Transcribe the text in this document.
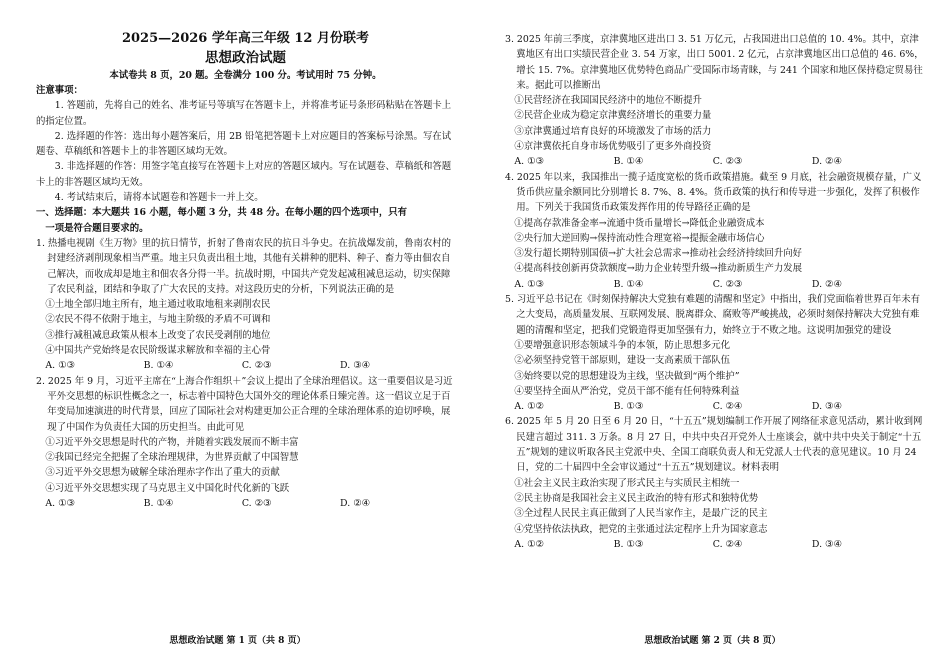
2025—2026 学年高三年级 12 月份联考

思想政治试题

本试卷共 8 页，20 题。全卷满分 100 分。考试用时 75 分钟。

注意事项：

1. 答题前，先将自己的姓名、准考证号等填写在答题卡上，并将准考证号条形码粘贴在答题卡上的指定位置。

2. 选择题的作答：选出每小题答案后，用 2B 铅笔把答题卡上对应题目的答案标号涂黑。写在试题卷、草稿纸和答题卡上的非答题区域均无效。

3. 非选择题的作答：用签字笔直接写在答题卡上对应的答题区域内。写在试题卷、草稿纸和答题卡上的非答题区域均无效。

4. 考试结束后，请将本试题卷和答题卡一并上交。

一、选择题：本大题共 16 小题，每小题 3 分，共 48 分。在每小题的四个选项中，只有

一项是符合题目要求的。

1. 热播电视剧《生万物》里的抗日情节，折射了鲁南农民的抗日斗争史。在抗战爆发前，鲁南农村的封建经济剥削现象相当严重。地主只负责出租土地，其他有关耕种的肥料、种子、畜力等由佃农自己解决，而收成却是地主和佃农各分得一半。抗战时期，中国共产党发起减租减息运动，切实保障了农民利益，团结和争取了广大农民的支持。对这段历史的分析，下列说法正确的是

①土地全部归地主所有，地主通过收取地租来剥削农民

②农民不得不依附于地主，与地主阶级的矛盾不可调和

③推行减租减息政策从根本上改变了农民受剥削的地位

④中国共产党始终是农民阶级谋求解放和幸福的主心骨

A. ①③	B. ①④	C. ②③	D. ③④

2. 2025 年 9 月，习近平主席在“上海合作组织＋”会议上提出了全球治理倡议。这一重要倡议是习近平外交思想的标识性概念之一，标志着中国特色大国外交的理论体系日臻完善。这一倡议立足于百年变局加速演进的时代背景，回应了国际社会对构建更加公正合理的全球治理体系的迫切呼唤，展现了中国作为负责任大国的历史担当。由此可见

①习近平外交思想是时代的产物，并随着实践发展而不断丰富

②我国已经完全把握了全球治理规律，为世界贡献了中国智慧

③习近平外交思想为破解全球治理赤字作出了重大的贡献

④习近平外交思想实现了马克思主义中国化时代化新的飞跃

A. ①③	B. ①④	C. ②③	D. ②④
思想政治试题 第 1 页（共 8 页）

3. 2025 年前三季度，京津冀地区进出口 3. 51 万亿元，占我国进出口总值的 10. 4%。其中，京津冀地区有出口实绩民营企业 3. 54 万家，出口 5001. 2 亿元，占京津冀地区出口总值的 46. 6%，增长 15. 7%。京津冀地区优势特色商品广受国际市场青睐，与 241 个国家和地区保持稳定贸易往来。据此可以推断出

①民营经济在我国国民经济中的地位不断提升

②民营企业成为稳定京津冀经济增长的重要力量

③京津冀通过培育良好的环境激发了市场的活力

④京津冀依托自身市场优势吸引了更多外商投资

A. ①③	B. ①④	C. ②③	D. ②④

4. 2025 年以来，我国推出一揽子适度宽松的货币政策措施。截至 9 月底，社会融资规模存量，广义货币供应量余额同比分别增长 8. 7%、8. 4%。货币政策的执行和传导进一步强化，发挥了积极作用。下列关于我国货币政策发挥作用的传导路径正确的是

①提高存款准备金率→流通中货币量增长→降低企业融资成本

②央行加大逆回购→保持流动性合理宽裕→提振金融市场信心

③发行超长期特别国债→扩大社会总需求→推动社会经济持续回升向好

④提高科技创新再贷款额度→助力企业转型升级→推动新质生产力发展

A. ①③	B. ①④	C. ②③	D. ②④

5. 习近平总书记在《时刻保持解决大党独有难题的清醒和坚定》中指出，我们党面临着世界百年未有之大变局，高质量发展、互联网发展、脱离群众、腐败等严峻挑战，必须时刻保持解决大党独有难题的清醒和坚定，把我们党锻造得更加坚强有力，始终立于不败之地。这说明加强党的建设

①要增强意识形态领域斗争的本领，防止思想多元化

②必须坚持党管干部原则，建设一支高素质干部队伍

③始终要以党的思想建设为主线，坚决做到“两个维护”

④要坚持全面从严治党，党员干部不能有任何特殊利益

A. ①②	B. ①③	C. ②④	D. ③④

6. 2025 年 5 月 20 日至 6 月 20 日，“十五五”规划编制工作开展了网络征求意见活动，累计收到网民建言超过 311. 3 万条。8 月 27 日，中共中央召开党外人士座谈会，就中共中央关于制定“十五五”规划的建议听取各民主党派中央、全国工商联负责人和无党派人士代表的意见建议。10 月 24 日，党的二十届四中全会审议通过“十五五”规划建议。材料表明

①社会主义民主政治实现了形式民主与实质民主相统一

②民主协商是我国社会主义民主政治的特有形式和独特优势

③全过程人民民主真正做到了人民当家作主，是最广泛的民主

④党坚持依法执政，把党的主张通过法定程序上升为国家意志

A. ①②	B. ①③	C. ②④	D. ③④
思想政治试题 第 2 页（共 8 页）
